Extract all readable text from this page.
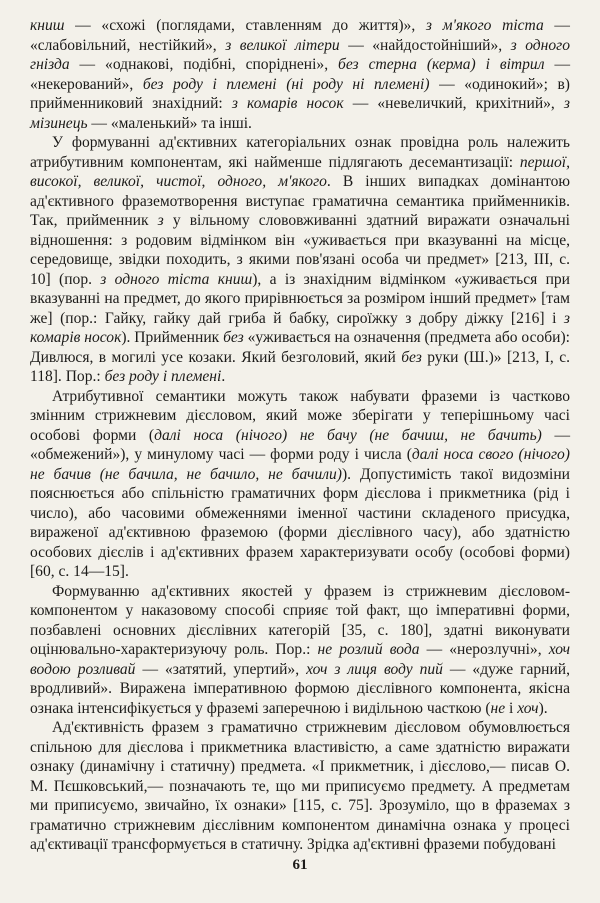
книш — «схожі (поглядами, ставленням до життя)», з м'якого тіста — «слабовільний, нестійкий», з великої літери — «найдостойніший», з одного гнізда — «однакові, подібні, споріднені», без стерна (керма) і вітрил — «некерований», без роду і племені (ні роду ні племені) — «одинокий»; в) прийменниковий знахідний: з комарів носок — «невеличкий, крихітний», з мізинець — «маленький» та інші.

У формуванні ад'єктивних категоріальних ознак провідна роль належить атрибутивним компонентам, які найменше підлягають десемантизації: першої, високої, великої, чистої, одного, м'якого. В інших випадках домінантою ад'єктивного фраземотворення виступає граматична семантика прийменників. Так, прийменник з у вільному слововживанні здатний виражати означальні відношення: з родовим відмінком він «уживається при вказуванні на місце, середовище, звідки походить, з якими пов'язані особа чи предмет» [213, III, с. 10] (пор. з одного тіста книш), а із знахідним відмінком «уживається при вказуванні на предмет, до якого прирівнюється за розміром інший предмет» [там же] (пор.: Гайку, гайку дай гриба й бабку, сироїжку з добру діжку [216] і з комарів носок). Прийменник без «уживається на означення (предмета або особи): Дивлюся, в могилі усе козаки. Який безголовий, який без руки (Ш.)» [213, I, с. 118]. Пор.: без роду і племені.

Атрибутивної семантики можуть також набувати фраземи із частково змінним стрижневим дієсловом, який може зберігати у теперішньому часі особові форми (далі носа (нічого) не бачу (не бачиш, не бачить) — «обмежений»), у минулому часі — форми роду і числа (далі носа свого (нічого) не бачив (не бачила, не бачило, не бачили)). Допустимість такої видозміни пояснюється або спільністю граматичних форм дієслова і прикметника (рід і число), або часовими обмеженнями іменної частини складеного присудка, вираженої ад'єктивною фраземою (форми дієслівного часу), або здатністю особових дієслів і ад'єктивних фразем характеризувати особу (особові форми) [60, с. 14—15].

Формуванню ад'єктивних якостей у фразем із стрижневим дієсловом-компонентом у наказовому способі сприяє той факт, що імперативні форми, позбавлені основних дієслівних категорій [35, с. 180], здатні виконувати оцінювально-характеризуючу роль. Пор.: не розлий вода — «нерозлучні», хоч водою розливай — «затятий, упертий», хоч з лиця воду пий — «дуже гарний, вродливий». Виражена імперативною формою дієслівного компонента, якісна ознака інтенсифікується у фраземі заперечною і видільною часткою (не і хоч).

Ад'єктивність фразем з граматично стрижневим дієсловом обумовлюється спільною для дієслова і прикметника властивістю, а саме здатністю виражати ознаку (динамічну і статичну) предмета. «І прикметник, і дієслово,— писав О. М. Пєшковський,— позначають те, що ми приписуємо предмету. А предметам ми приписуємо, звичайно, їх ознаки» [115, с. 75]. Зрозуміло, що в фраземах з граматично стрижневим дієслівним компонентом динамічна ознака у процесі ад'єктивації трансформується в статичну. Зрідка ад'єктивні фраземи побудовані

61
